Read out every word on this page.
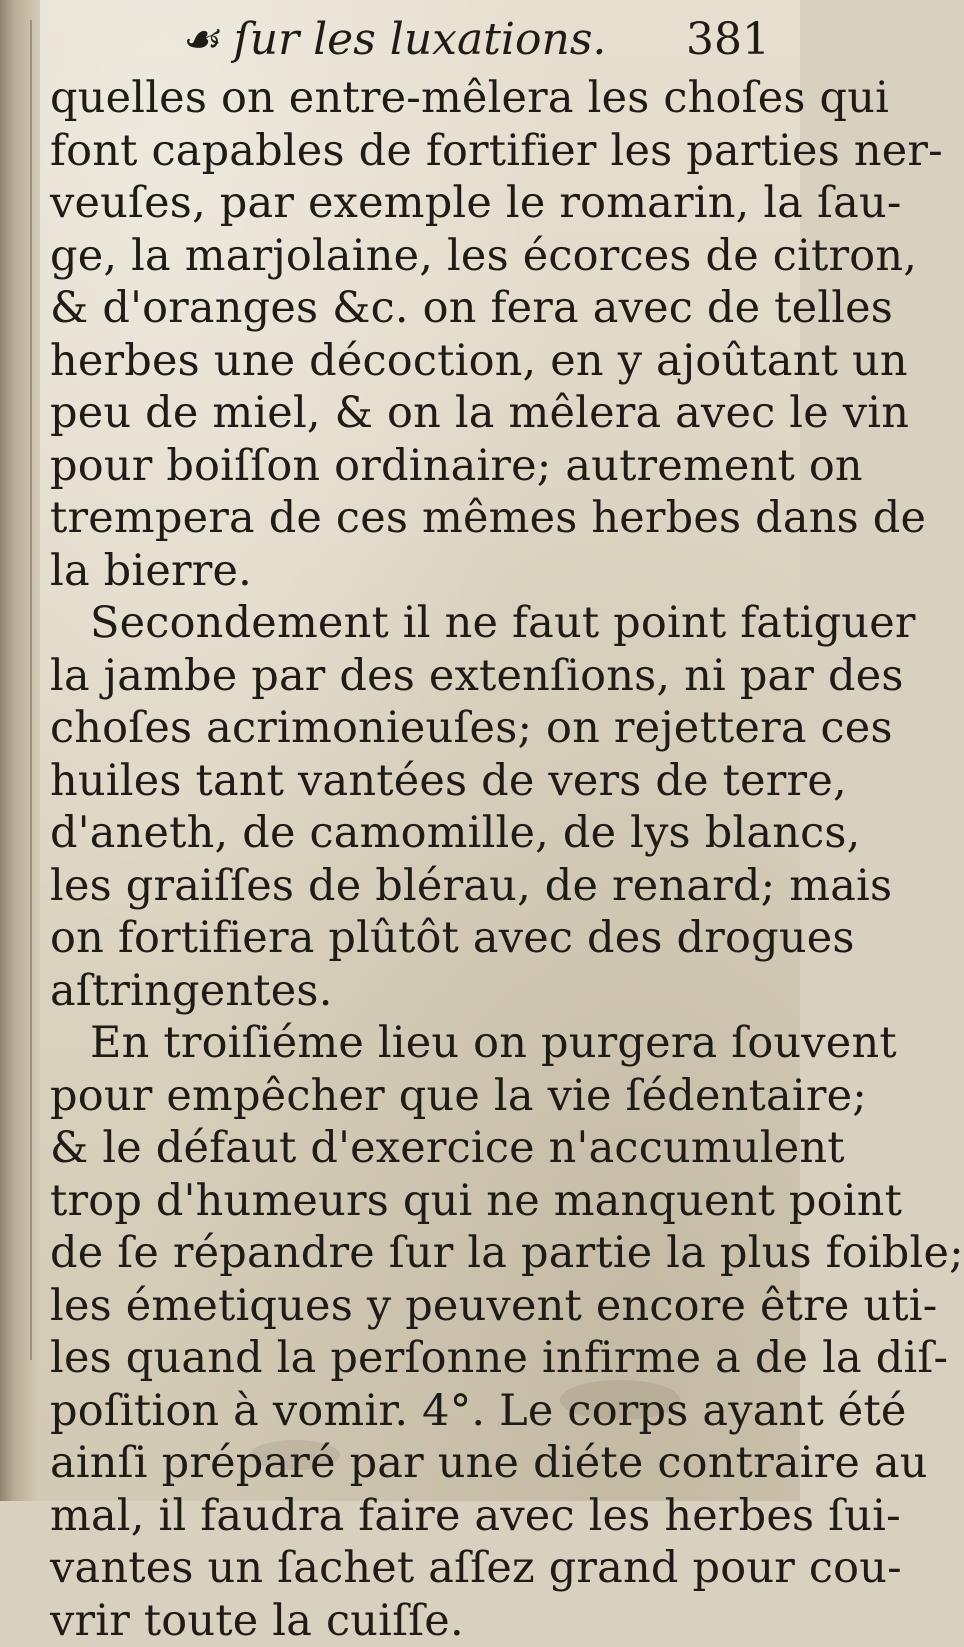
☙ ſur les luxations. 381
quelles on entre-mêlera les choſes qui
font capables de fortifier les parties ner-
veuſes, par exemple le romarin, la ſau-
ge, la marjolaine, les écorces de citron,
& d'oranges &c. on fera avec de telles
herbes une décoction, en y ajoûtant un
peu de miel, & on la mêlera avec le vin
pour boiſſon ordinaire; autrement on
trempera de ces mêmes herbes dans de
la bierre.
Secondement il ne faut point fatiguer
la jambe par des extenſions, ni par des
choſes acrimonieuſes; on rejettera ces
huiles tant vantées de vers de terre,
d'aneth, de camomille, de lys blancs,
les graiſſes de blérau, de renard; mais
on fortifiera plûtôt avec des drogues
aſtringentes.
En troiſiéme lieu on purgera ſouvent
pour empêcher que la vie ſédentaire;
& le défaut d'exercice n'accumulent
trop d'humeurs qui ne manquent point
de ſe répandre ſur la partie la plus foible;
les émetiques y peuvent encore être uti-
les quand la perſonne infirme a de la diſ-
poſition à vomir. 4°. Le corps ayant été
ainſi préparé par une diéte contraire au
mal, il faudra faire avec les herbes ſui-
vantes un ſachet aſſez grand pour cou-
vrir toute la cuiſſe.
